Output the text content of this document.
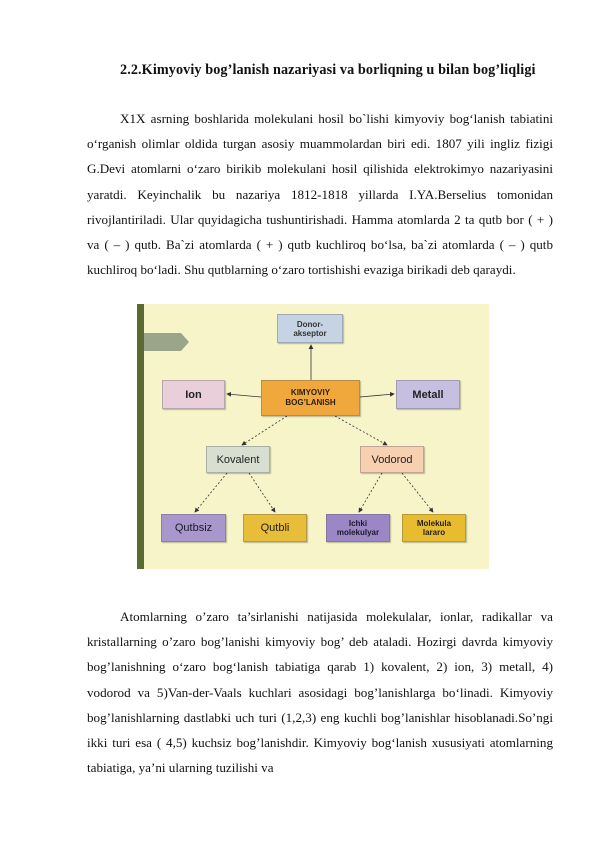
2.2.Kimyoviy bog’lanish nazariyasi va borliqning u bilan bog’liqligi
X1X asrning boshlarida molekulani hosil bo`lishi kimyoviy bog‘lanish tabiatini o‘rganish olimlar oldida turgan asosiy muammolardan biri edi. 1807 yili ingliz fizigi G.Devi atomlarni o‘zaro birikib molekulani hosil qilishida elektrokimyo nazariyasini yaratdi. Keyinchalik bu nazariya 1812-1818 yillarda I.YA.Berselius tomonidan rivojlantiriladi. Ular quyidagicha tushuntirishadi. Hamma atomlarda 2 ta qutb bor ( + ) va ( – ) qutb. Ba`zi atomlarda ( + ) qutb kuchliroq bo‘lsa, ba`zi atomlarda ( – ) qutb kuchliroq bo‘ladi. Shu qutblarning o‘zaro tortishishi evaziga birikadi deb qaraydi.
Donor-
akseptor
Ion	KIMYOVIY
BOG’LANISH
Metall
Kovalent	Vodorod
Qutbsiz	Qutbli	Ichki
molekulyar
Molekula
lararo
Atomlarning o’zaro ta’sirlanishi natijasida molekulalar, ionlar, radikallar va kristallarning o’zaro bog’lanishi kimyoviy bog’ deb ataladi. Hozirgi davrda kimyoviy bog’lanishning o‘zaro bog‘lanish tabiatiga qarab 1) kovalent, 2) ion, 3) metall, 4) vodorod va 5)Van-der-Vaals kuchlari asosidagi bog’lanishlarga bo‘linadi. Kimyoviy bog’lanishlarning dastlabki uch turi (1,2,3) eng kuchli bog’lanishlar hisoblanadi.So’ngi ikki turi esa ( 4,5) kuchsiz bog’lanishdir. Kimyoviy bog‘lanish xususiyati atomlarning tabiatiga, ya’ni ularning tuzilishi va
